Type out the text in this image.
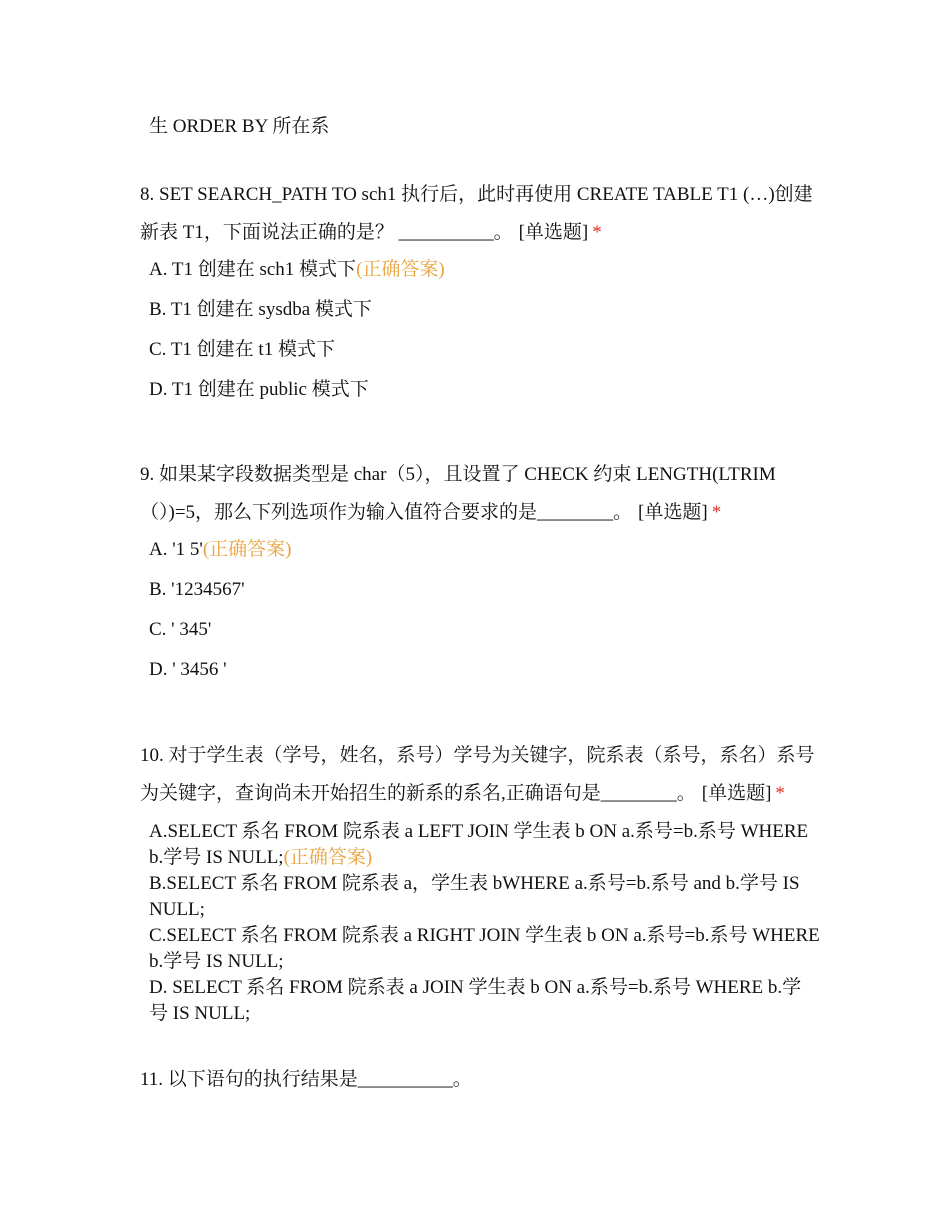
生 ORDER BY 所在系

8. SET SEARCH_PATH TO sch1 执行后，此时再使用 CREATE TABLE T1 (…)创建新表 T1，下面说法正确的是？ __________。 [单选题] *

A. T1 创建在 sch1 模式下(正确答案)
B. T1 创建在 sysdba 模式下
C. T1 创建在 t1 模式下
D. T1 创建在 public 模式下

9. 如果某字段数据类型是 char（5），且设置了 CHECK 约束 LENGTH(LTRIM（）)=5，那么下列选项作为输入值符合要求的是________。 [单选题] *

A. '1 5'(正确答案)
B. '1234567'
C. ' 345'
D. ' 3456 '

10. 对于学生表（学号，姓名，系号）学号为关键字，院系表（系号，系名）系号为关键字，查询尚未开始招生的新系的系名,正确语句是________。 [单选题] *

A.SELECT 系名 FROM 院系表 a LEFT JOIN 学生表 b ON a.系号=b.系号 WHERE b.学号 IS NULL;(正确答案)
B.SELECT 系名 FROM 院系表 a，学生表 bWHERE a.系号=b.系号 and b.学号 IS NULL;
C.SELECT 系名 FROM 院系表 a RIGHT JOIN 学生表 b ON a.系号=b.系号 WHERE b.学号 IS NULL;
D. SELECT 系名 FROM 院系表 a JOIN 学生表 b ON a.系号=b.系号 WHERE b.学号 IS NULL;

11. 以下语句的执行结果是__________。
